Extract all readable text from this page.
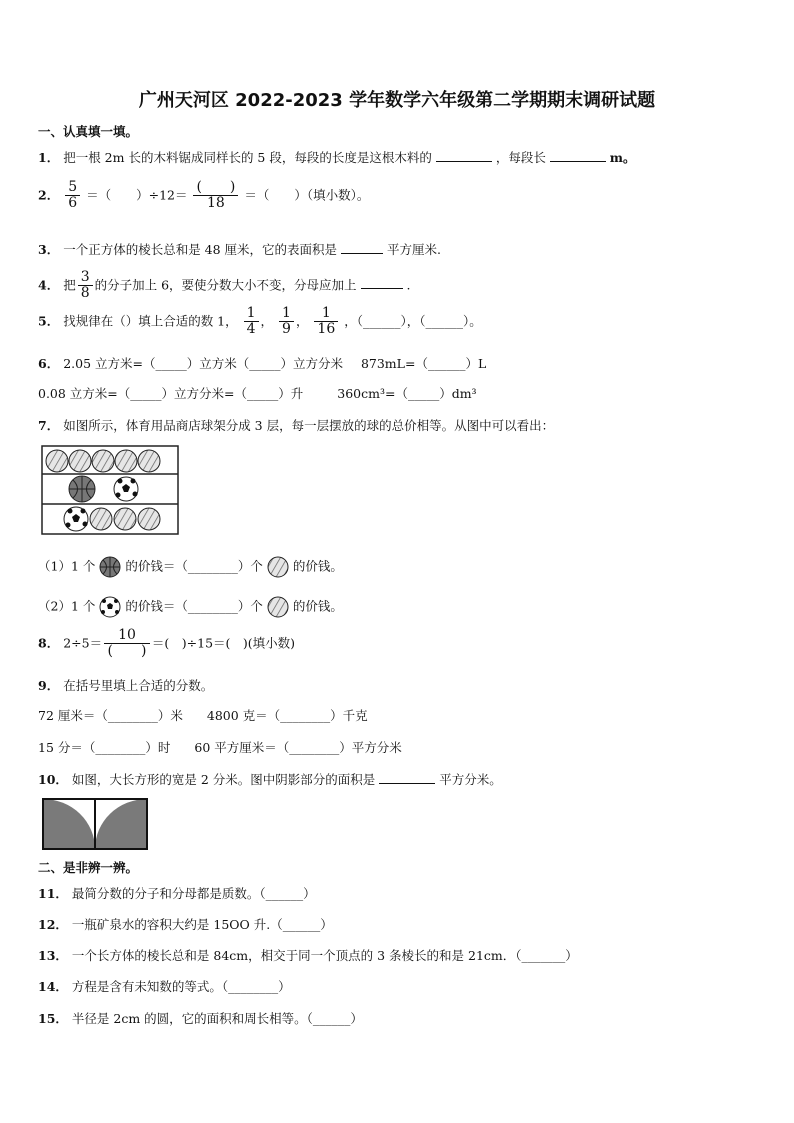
广州天河区 2022-2023 学年数学六年级第二学期期末调研试题
一、认真填一填。
1． 把一根 2m 长的木料锯成同样长的 5 段，每段的长度是这根木料的	，每段长	m。
2． $\frac{5}{6}$ ＝（　　）$\div 12= \frac{( )}{18}$ ＝（　　）（填小数）。
3． 一个正方体的棱长总和是 48 厘米，它的表面积是	平方厘米.
4． 把 $\frac{3}{8}$ 的分子加上 6，要使分数大小不变，分母应加上	.
5． 找规律在（）填上合适的数 1， $\frac{1}{4}$ ， $\frac{1}{9}$ ， $\frac{1}{16}$ ，（______），（______）。
6． 2.05 立方米=（_____）立方米（_____）立方分米 873mL=（______）L
0.08 立方米=（_____）立方分米=（_____）升	360cm³=（_____）dm³
7． 如图所示，体育用品商店球架分成 3 层，每一层摆放的球的总价相等。从图中可以看出：
（1）1 个 的价钱＝（________）个 的价钱。
（2）1 个 的价钱＝（________）个 的价钱。
8． $2\div 5= \frac{10}{( )}$ ＝(　)÷15＝(　)(填小数)
9． 在括号里填上合适的分数。
72 厘米＝（________）米 4800 克＝（________）千克
15 分＝（________）时 60 平方厘米＝（________）平方分米
10． 如图，大长方形的宽是 2 分米。图中阴影部分的面积是	平方分米。
二、是非辨一辨。
11． 最简分数的分子和分母都是质数。（______）
12． 一瓶矿泉水的容积大约是 15OO 升.（______）
13． 一个长方体的棱长总和是 84cm，相交于同一个顶点的 3 条棱长的和是 21cm．（_______）
14． 方程是含有未知数的等式。（________）
15． 半径是 2cm 的圆，它的面积和周长相等。（______）
